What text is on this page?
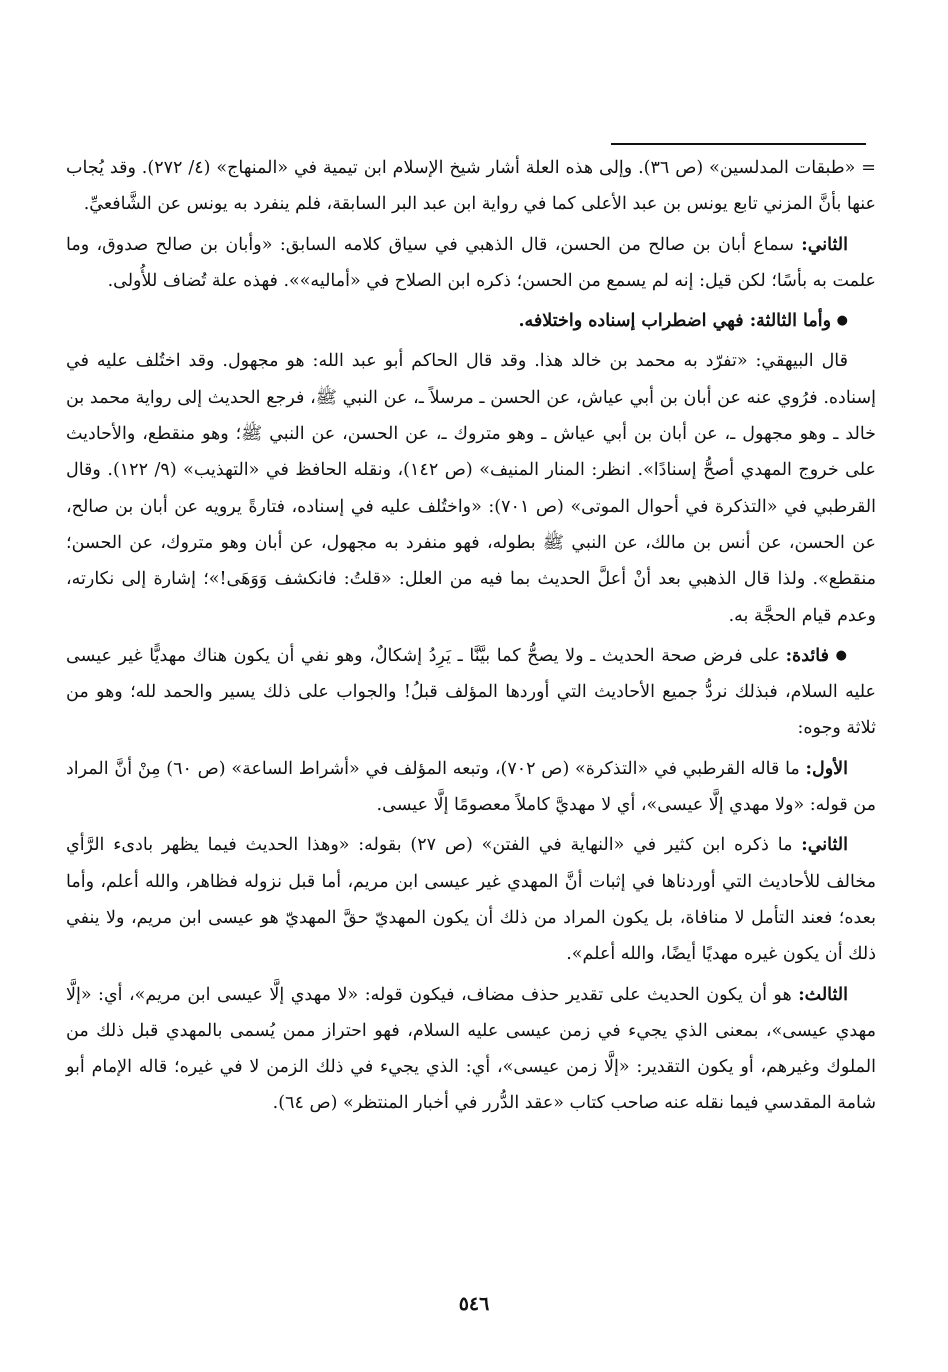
= «طبقات المدلسين» (ص ٣٦). وإلى هذه العلة أشار شيخ الإسلام ابن تيمية في «المنهاج» (٤/ ٢٧٢). وقد يُجاب عنها بأنَّ المزني تابع يونس بن عبد الأعلى كما في رواية ابن عبد البر السابقة، فلم ينفرد به يونس عن الشَّافعيِّ.

الثاني: سماع أبان بن صالح من الحسن، قال الذهبي في سياق كلامه السابق: «وأبان بن صالح صدوق، وما علمت به بأسًا؛ لكن قيل: إنه لم يسمع من الحسن؛ ذكره ابن الصلاح في «أماليه»». فهذه علة تُضاف للأُولى.

● وأما الثالثة: فهي اضطراب إسناده واختلافه.

قال البيهقي: «تفرّد به محمد بن خالد هذا. وقد قال الحاكم أبو عبد الله: هو مجهول. وقد اختُلف عليه في إسناده. فرُوي عنه عن أبان بن أبي عياش، عن الحسن ـ مرسلاً ـ، عن النبي ﷺ، فرجع الحديث إلى رواية محمد بن خالد ـ وهو مجهول ـ، عن أبان بن أبي عياش ـ وهو متروك ـ، عن الحسن، عن النبي ﷺ؛ وهو منقطع، والأحاديث على خروج المهدي أصحُّ إسنادًا». انظر: المنار المنيف» (ص ١٤٢)، ونقله الحافظ في «التهذيب» (٩/ ١٢٢). وقال القرطبي في «التذكرة في أحوال الموتى» (ص ٧٠١): «واختُلف عليه في إسناده، فتارةً يرويه عن أبان بن صالح، عن الحسن، عن أنس بن مالك، عن النبي ﷺ بطوله، فهو منفرد به مجهول، عن أبان وهو متروك، عن الحسن؛ منقطع». ولذا قال الذهبي بعد أنْ أعلَّ الحديث بما فيه من العلل: «قلتُ: فانكشف وَوَهَى!»؛ إشارة إلى نكارته، وعدم قيام الحجَّة به.

● فائدة: على فرض صحة الحديث ـ ولا يصحُّ كما بيَّنَّا ـ يَرِدُ إشكالٌ، وهو نفي أن يكون هناك مهديًّا غير عيسى عليه السلام، فبذلك نردُّ جميع الأحاديث التي أوردها المؤلف قبلُ! والجواب على ذلك يسير والحمد لله؛ وهو من ثلاثة وجوه:

الأول: ما قاله القرطبي في «التذكرة» (ص ٧٠٢)، وتبعه المؤلف في «أشراط الساعة» (ص ٦٠) مِنْ أنَّ المراد من قوله: «ولا مهدي إلَّا عيسى»، أي لا مهديَّ كاملاً معصومًا إلَّا عيسى.

الثاني: ما ذكره ابن كثير في «النهاية في الفتن» (ص ٢٧) بقوله: «وهذا الحديث فيما يظهر بادىء الرَّأي مخالف للأحاديث التي أوردناها في إثبات أنَّ المهدي غير عيسى ابن مريم، أما قبل نزوله فظاهر، والله أعلم، وأما بعده؛ فعند التأمل لا منافاة، بل يكون المراد من ذلك أن يكون المهديّ حقَّ المهديّ هو عيسى ابن مريم، ولا ينفي ذلك أن يكون غيره مهديًا أيضًا، والله أعلم».

الثالث: هو أن يكون الحديث على تقدير حذف مضاف، فيكون قوله: «لا مهدي إلَّا عيسى ابن مريم»، أي: «إلَّا مهدي عيسى»، بمعنى الذي يجيء في زمن عيسى عليه السلام، فهو احتراز ممن يُسمى بالمهدي قبل ذلك من الملوك وغيرهم، أو يكون التقدير: «إلَّا زمن عيسى»، أي: الذي يجيء في ذلك الزمن لا في غيره؛ قاله الإمام أبو شامة المقدسي فيما نقله عنه صاحب كتاب «عقد الدُّرر في أخبار المنتظر» (ص ٦٤).

٥٤٦
